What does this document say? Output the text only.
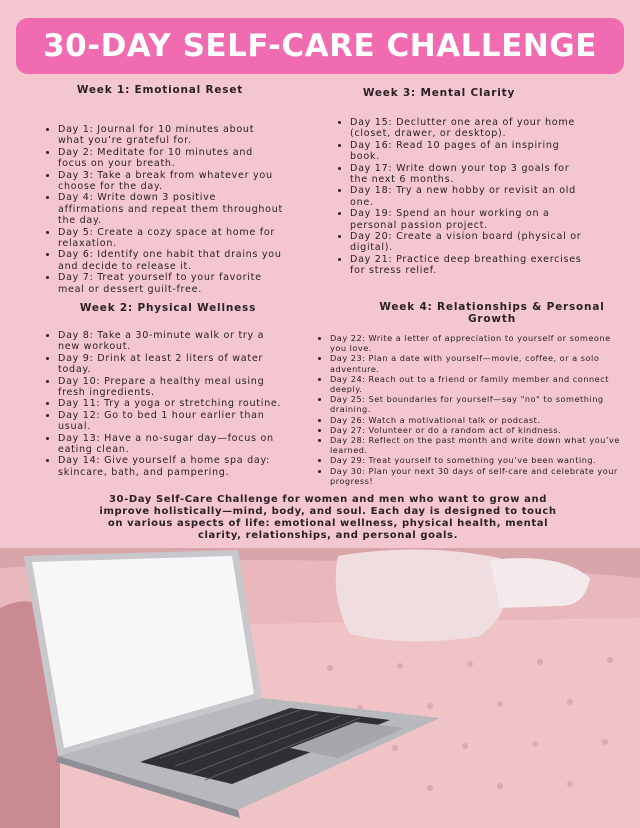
30-DAY SELF-CARE CHALLENGE
Week 1: Emotional Reset
• Day 1: Journal for 10 minutes about what you’re grateful for.
• Day 2: Meditate for 10 minutes and focus on your breath.
• Day 3: Take a break from whatever you choose for the day.
• Day 4: Write down 3 positive affirmations and repeat them throughout the day.
• Day 5: Create a cozy space at home for relaxation.
• Day 6: Identify one habit that drains you and decide to release it.
• Day 7: Treat yourself to your favorite meal or dessert guilt-free.
Week 2: Physical Wellness
• Day 8: Take a 30-minute walk or try a new workout.
• Day 9: Drink at least 2 liters of water today.
• Day 10: Prepare a healthy meal using fresh ingredients.
• Day 11: Try a yoga or stretching routine.
• Day 12: Go to bed 1 hour earlier than usual.
• Day 13: Have a no-sugar day—focus on eating clean.
• Day 14: Give yourself a home spa day: skincare, bath, and pampering.
Week 3: Mental Clarity
• Day 15: Declutter one area of your home (closet, drawer, or desktop).
• Day 16: Read 10 pages of an inspiring book.
• Day 17: Write down your top 3 goals for the next 6 months.
• Day 18: Try a new hobby or revisit an old one.
• Day 19: Spend an hour working on a personal passion project.
• Day 20: Create a vision board (physical or digital).
• Day 21: Practice deep breathing exercises for stress relief.
Week 4: Relationships & Personal Growth
• Day 22: Write a letter of appreciation to yourself or someone you love.
• Day 23: Plan a date with yourself—movie, coffee, or a solo adventure.
• Day 24: Reach out to a friend or family member and connect deeply.
• Day 25: Set boundaries for yourself—say "no" to something draining.
• Day 26: Watch a motivational talk or podcast.
• Day 27: Volunteer or do a random act of kindness.
• Day 28: Reflect on the past month and write down what you’ve learned.
• Day 29: Treat yourself to something you’ve been wanting.
• Day 30: Plan your next 30 days of self-care and celebrate your progress!
30-Day Self-Care Challenge for women and men who want to grow and improve holistically—mind, body, and soul. Each day is designed to touch on various aspects of life: emotional wellness, physical health, mental clarity, relationships, and personal goals.
